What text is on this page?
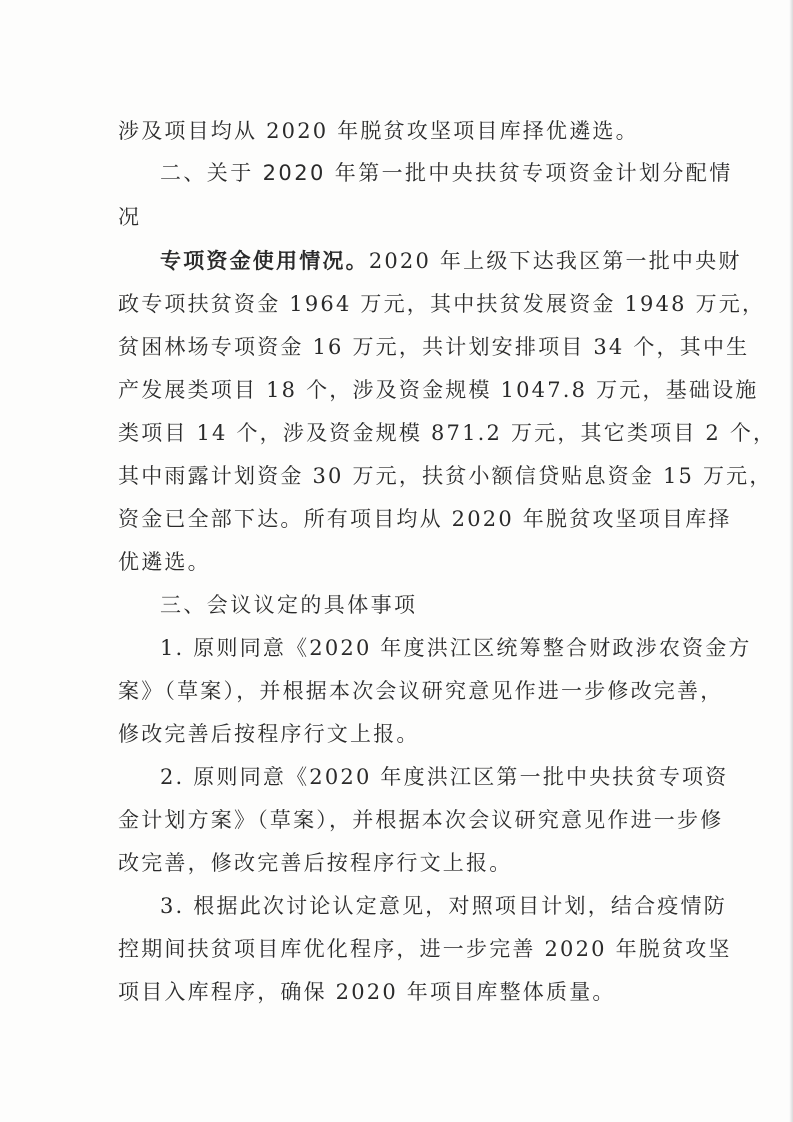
涉及项目均从 2020 年脱贫攻坚项目库择优遴选。
二、关于 2020 年第一批中央扶贫专项资金计划分配情
况
专项资金使用情况。2020 年上级下达我区第一批中央财
政专项扶贫资金 1964 万元，其中扶贫发展资金 1948 万元，
贫困林场专项资金 16 万元，共计划安排项目 34 个，其中生
产发展类项目 18 个，涉及资金规模 1047.8 万元，基础设施
类项目 14 个，涉及资金规模 871.2 万元，其它类项目 2 个，
其中雨露计划资金 30 万元，扶贫小额信贷贴息资金 15 万元，
资金已全部下达。所有项目均从 2020 年脱贫攻坚项目库择
优遴选。
三、会议议定的具体事项
1. 原则同意《2020 年度洪江区统筹整合财政涉农资金方
案》（草案），并根据本次会议研究意见作进一步修改完善，
修改完善后按程序行文上报。
2. 原则同意《2020 年度洪江区第一批中央扶贫专项资
金计划方案》（草案），并根据本次会议研究意见作进一步修
改完善，修改完善后按程序行文上报。
3. 根据此次讨论认定意见，对照项目计划，结合疫情防
控期间扶贫项目库优化程序，进一步完善 2020 年脱贫攻坚
项目入库程序，确保 2020 年项目库整体质量。
